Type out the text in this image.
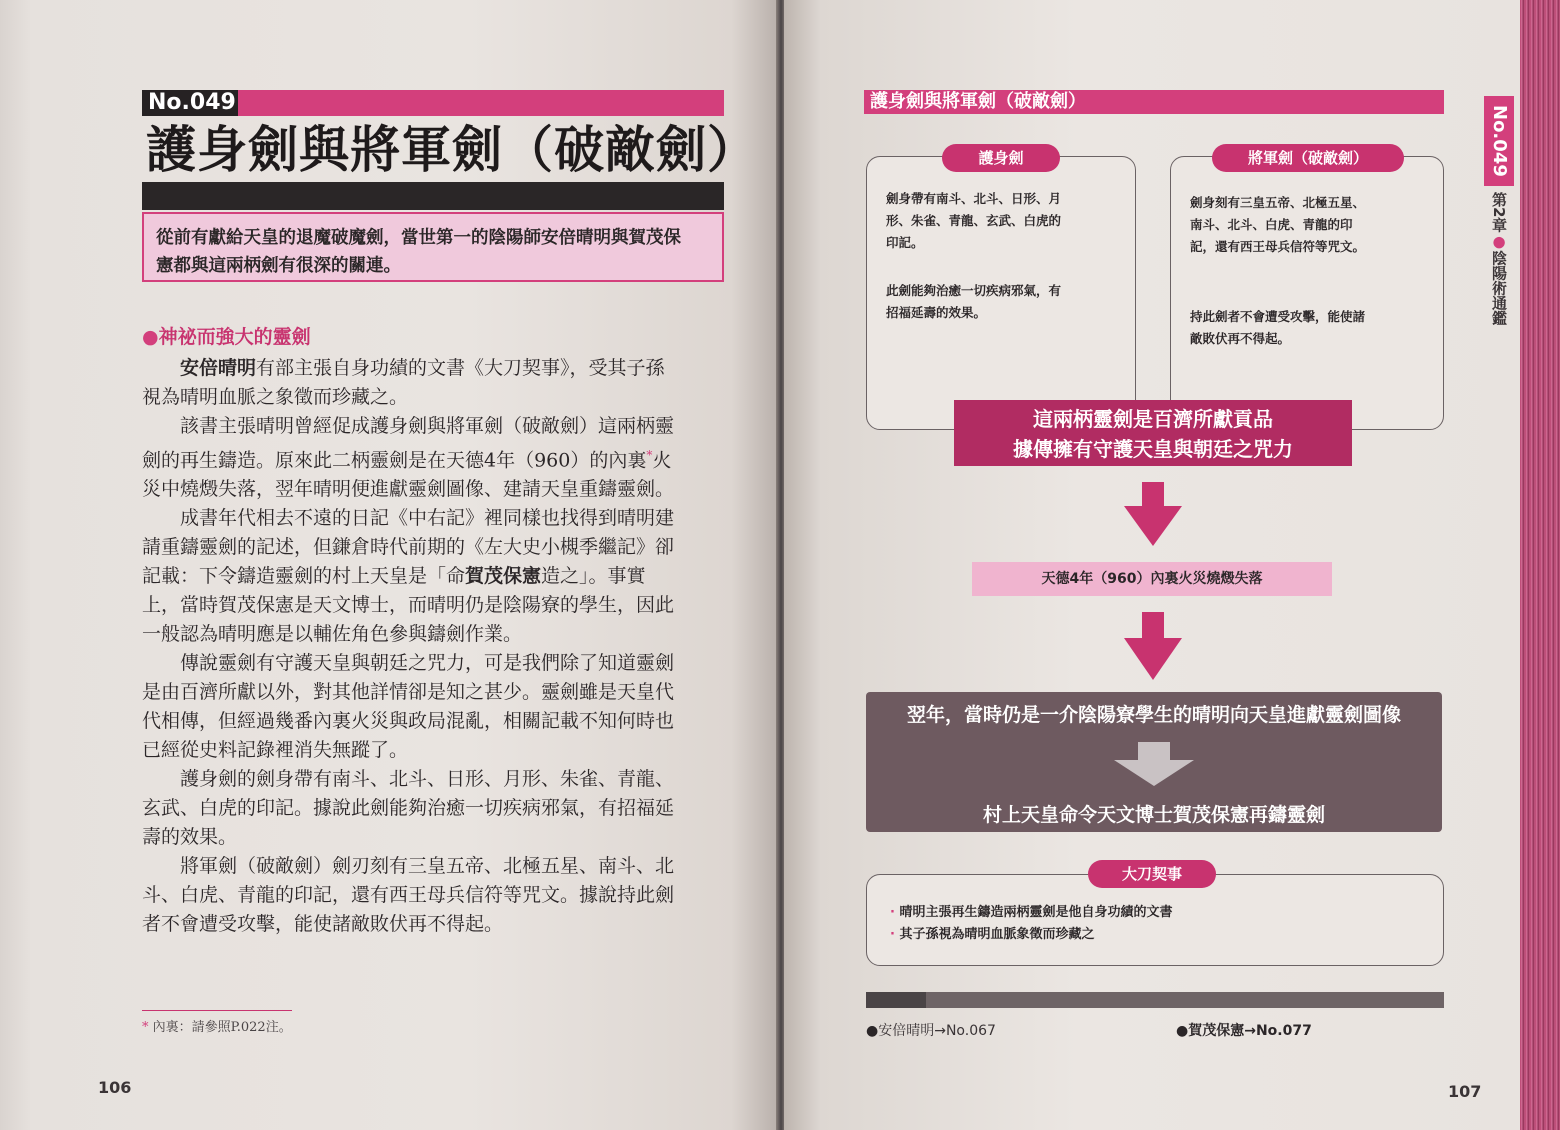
No.049
護身劍與將軍劍（破敵劍）
從前有獻給天皇的退魔破魔劍，當世第一的陰陽師安倍晴明與賀茂保
憲都與這兩柄劍有很深的關連。
●神祕而強大的靈劍

安倍晴明有部主張自身功績的文書《大刀契事》，受其子孫

視為晴明血脈之象徵而珍藏之。

該書主張晴明曾經促成護身劍與將軍劍（破敵劍）這兩柄靈

劍的再生鑄造。原來此二柄靈劍是在天德4年（960）的內裏*火
災中燒燬失落，翌年晴明便進獻靈劍圖像、建請天皇重鑄靈劍。

成書年代相去不遠的日記《中右記》裡同樣也找得到晴明建

請重鑄靈劍的記述，但鎌倉時代前期的《左大史小槻季繼記》卻
記載：下令鑄造靈劍的村上天皇是「命賀茂保憲造之」。事實
上，當時賀茂保憲是天文博士，而晴明仍是陰陽寮的學生，因此
一般認為晴明應是以輔佐角色參與鑄劍作業。

傳說靈劍有守護天皇與朝廷之咒力，可是我們除了知道靈劍

是由百濟所獻以外，對其他詳情卻是知之甚少。靈劍雖是天皇代
代相傳，但經過幾番內裏火災與政局混亂，相關記載不知何時也
已經從史料記錄裡消失無蹤了。

護身劍的劍身帶有南斗、北斗、日形、月形、朱雀、青龍、

玄武、白虎的印記。據說此劍能夠治癒一切疾病邪氣，有招福延
壽的效果。

將軍劍（破敵劍）劍刃刻有三皇五帝、北極五星、南斗、北

斗、白虎、青龍的印記，還有西王母兵信符等咒文。據說持此劍
者不會遭受攻擊，能使諸敵敗伏再不得起。
* 內裏：請參照P.022注。
106
護身劍與將軍劍（破敵劍）
護身劍
劍身帶有南斗、北斗、日形、月
形、朱雀、青龍、玄武、白虎的
印記。
此劍能夠治癒一切疾病邪氣，有
招福延壽的效果。
將軍劍（破敵劍）
劍身刻有三皇五帝、北極五星、
南斗、北斗、白虎、青龍的印
記，還有西王母兵信符等咒文。
持此劍者不會遭受攻擊，能使諸
敵敗伏再不得起。
這兩柄靈劍是百濟所獻貢品
據傳擁有守護天皇與朝廷之咒力
天德4年（960）內裏火災燒燬失落
翌年，當時仍是一介陰陽寮學生的晴明向天皇進獻靈劍圖像
村上天皇命令天文博士賀茂保憲再鑄靈劍
大刀契事
· 晴明主張再生鑄造兩柄靈劍是他自身功績的文書
· 其子孫視為晴明血脈象徵而珍藏之
●安倍晴明→No.067	●賀茂保憲→No.077
107
No.049
第2章●陰陽術通鑑
